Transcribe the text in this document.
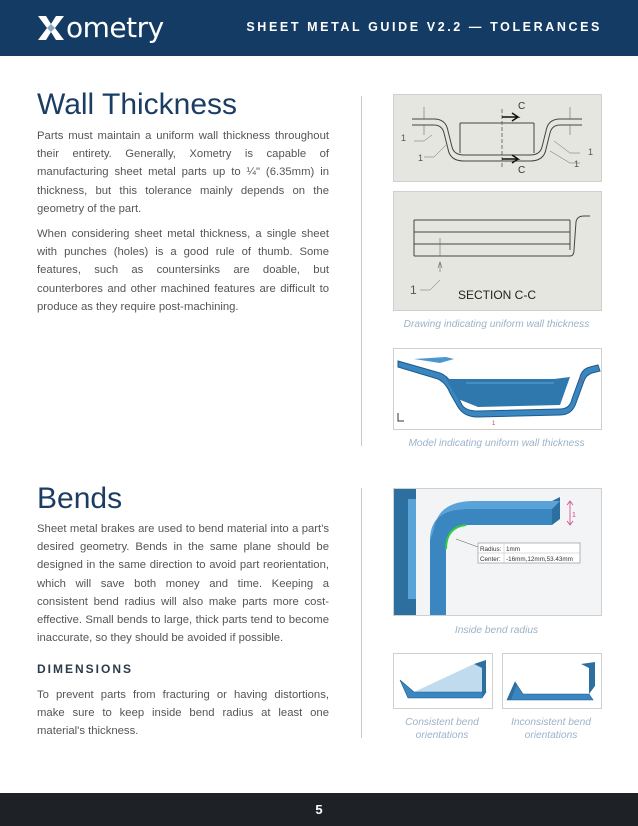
ometry	SHEET METAL GUIDE V2.2 — TOLERANCES
Wall Thickness

Parts must maintain a uniform wall thickness throughout their entirety. Generally, Xometry is capable of manufacturing sheet metal parts up to ¼" (6.35mm) in thickness, but this tolerance mainly depends on the geometry of the part.

When considering sheet metal thickness, a single sheet with punches (holes) is a good rule of thumb. Some features, such as countersinks are doable, but counterbores and other machined features are difficult to produce as they require post-machining.

C
C
1
1
1
1
1	SECTION C-C
Drawing indicating uniform wall thickness
1
1
Model indicating uniform wall thickness
Bends

Sheet metal brakes are used to bend material into a part's desired geometry. Bends in the same plane should be designed in the same direction to avoid part reorientation, which will save both money and time. Keeping a consistent bend radius will also make parts more cost-effective. Small bends to large, thick parts tend to become inaccurate, so they should be avoided if possible.

DIMENSIONS

To prevent parts from fracturing or having distortions, make sure to keep inside bend radius at least one material's thickness.

1
Radius: 1mm
Center: -16mm,12mm,53.43mm
Inside bend radius
Consistent bend orientations
Inconsistent bend orientations
5
